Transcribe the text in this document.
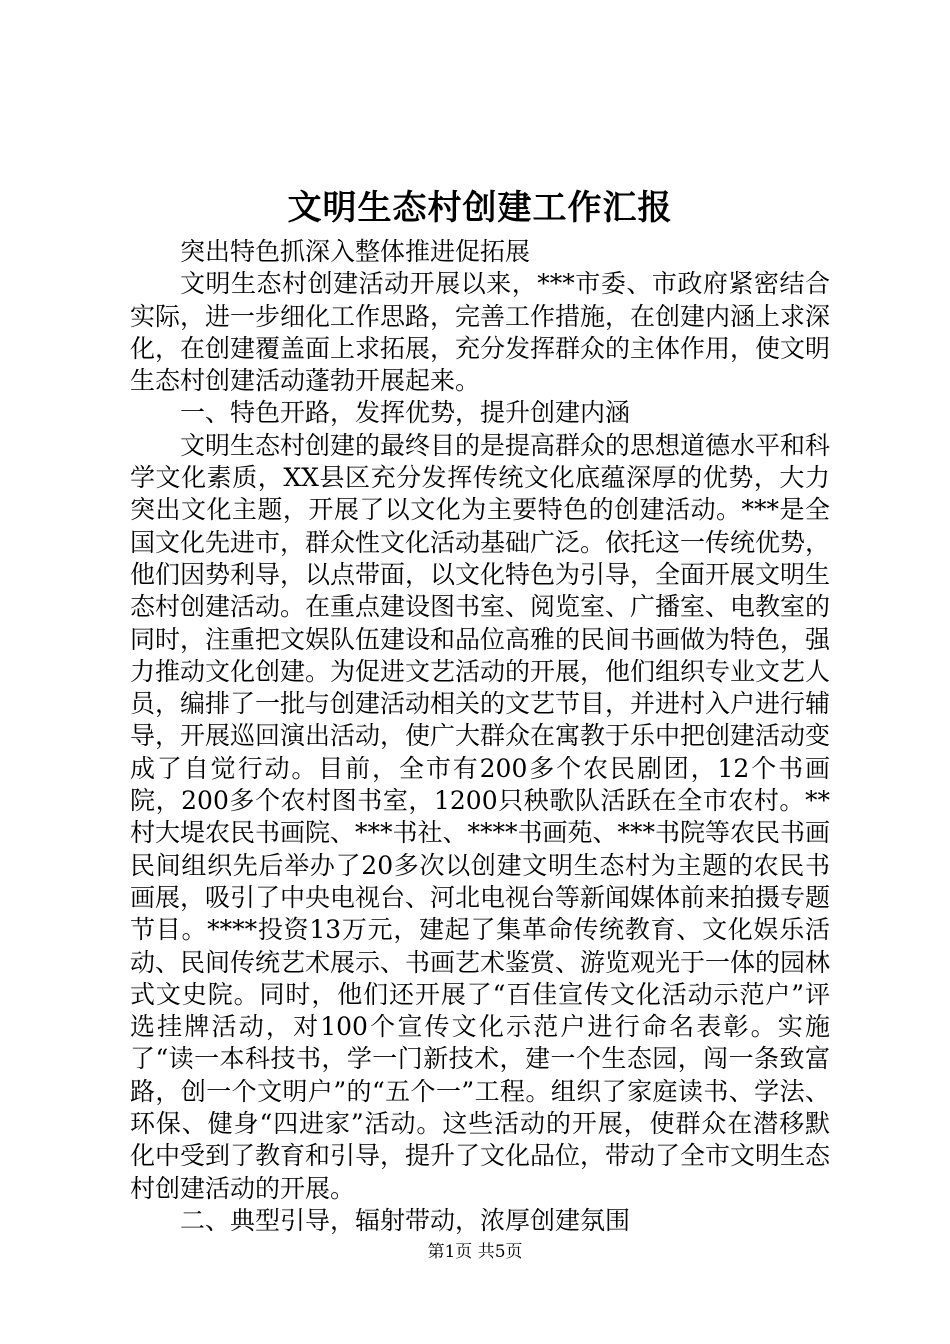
文明生态村创建工作汇报

突出特色抓深入整体推进促拓展

文明生态村创建活动开展以来，***市委、市政府紧密结合实际，进一步细化工作思路，完善工作措施，在创建内涵上求深化，在创建覆盖面上求拓展，充分发挥群众的主体作用，使文明生态村创建活动蓬勃开展起来。

一、特色开路，发挥优势，提升创建内涵

文明生态村创建的最终目的是提高群众的思想道德水平和科学文化素质，XX县区充分发挥传统文化底蕴深厚的优势，大力突出文化主题，开展了以文化为主要特色的创建活动。***是全国文化先进市，群众性文化活动基础广泛。依托这一传统优势，他们因势利导，以点带面，以文化特色为引导，全面开展文明生态村创建活动。在重点建设图书室、阅览室、广播室、电教室的同时，注重把文娱队伍建设和品位高雅的民间书画做为特色，强力推动文化创建。为促进文艺活动的开展，他们组织专业文艺人员，编排了一批与创建活动相关的文艺节目，并进村入户进行辅导，开展巡回演出活动，使广大群众在寓教于乐中把创建活动变成了自觉行动。目前，全市有200多个农民剧团，12个书画院，200多个农村图书室，1200只秧歌队活跃在全市农村。**村大堤农民书画院、***书社、****书画苑、***书院等农民书画民间组织先后举办了20多次以创建文明生态村为主题的农民书画展，吸引了中央电视台、河北电视台等新闻媒体前来拍摄专题节目。****投资13万元，建起了集革命传统教育、文化娱乐活动、民间传统艺术展示、书画艺术鉴赏、游览观光于一体的园林式文史院。同时，他们还开展了“百佳宣传文化活动示范户”评选挂牌活动，对100个宣传文化示范户进行命名表彰。实施了“读一本科技书，学一门新技术，建一个生态园，闯一条致富路，创一个文明户”的“五个一”工程。组织了家庭读书、学法、环保、健身“四进家”活动。这些活动的开展，使群众在潜移默化中受到了教育和引导，提升了文化品位，带动了全市文明生态村创建活动的开展。

二、典型引导，辐射带动，浓厚创建氛围

第1页 共5页
